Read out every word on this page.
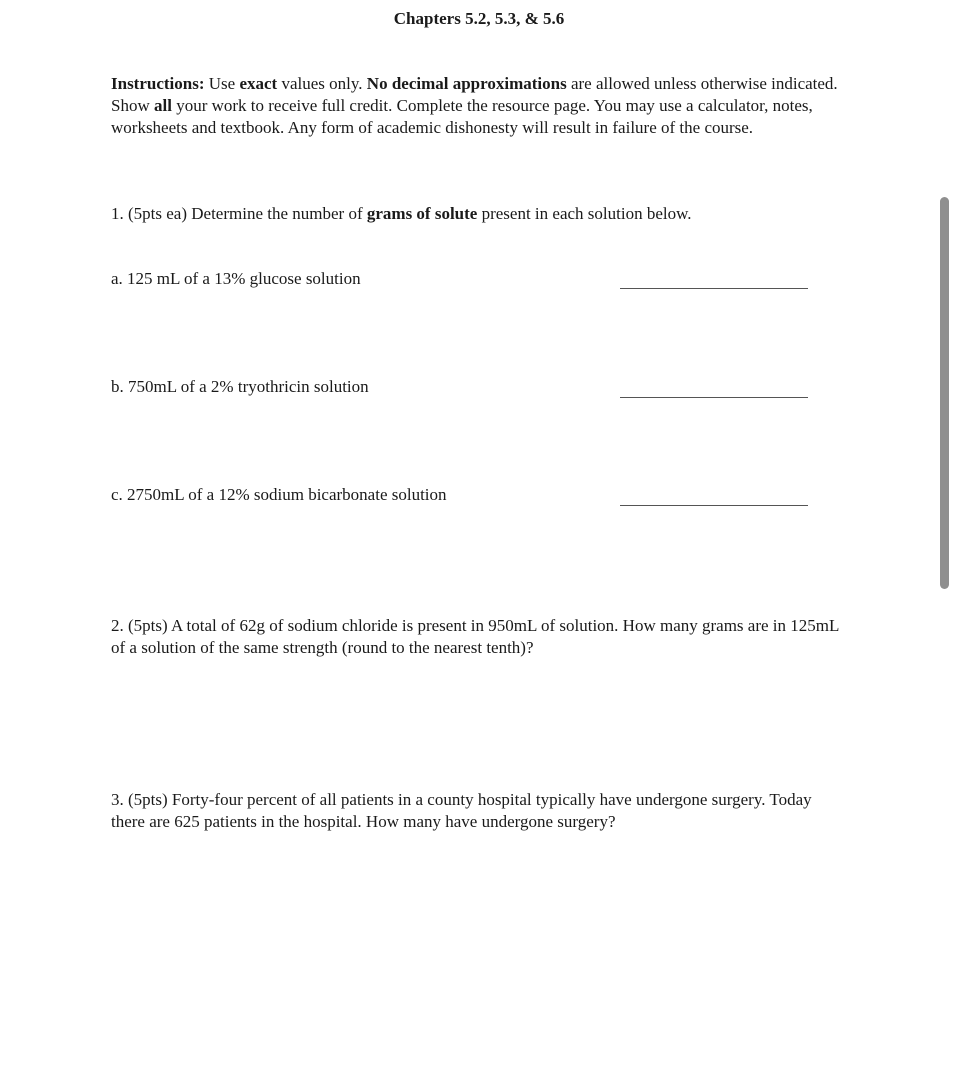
Chapters 5.2, 5.3, & 5.6
Instructions: Use exact values only. No decimal approximations are allowed unless otherwise indicated. Show all your work to receive full credit. Complete the resource page. You may use a calculator, notes, worksheets and textbook. Any form of academic dishonesty will result in failure of the course.
1. (5pts ea) Determine the number of grams of solute present in each solution below.
a. 125 mL of a 13% glucose solution
b. 750mL of a 2% tryothricin solution
c. 2750mL of a 12% sodium bicarbonate solution
2. (5pts) A total of 62g of sodium chloride is present in 950mL of solution. How many grams are in 125mL of a solution of the same strength (round to the nearest tenth)?
3. (5pts) Forty-four percent of all patients in a county hospital typically have undergone surgery. Today there are 625 patients in the hospital. How many have undergone surgery?
